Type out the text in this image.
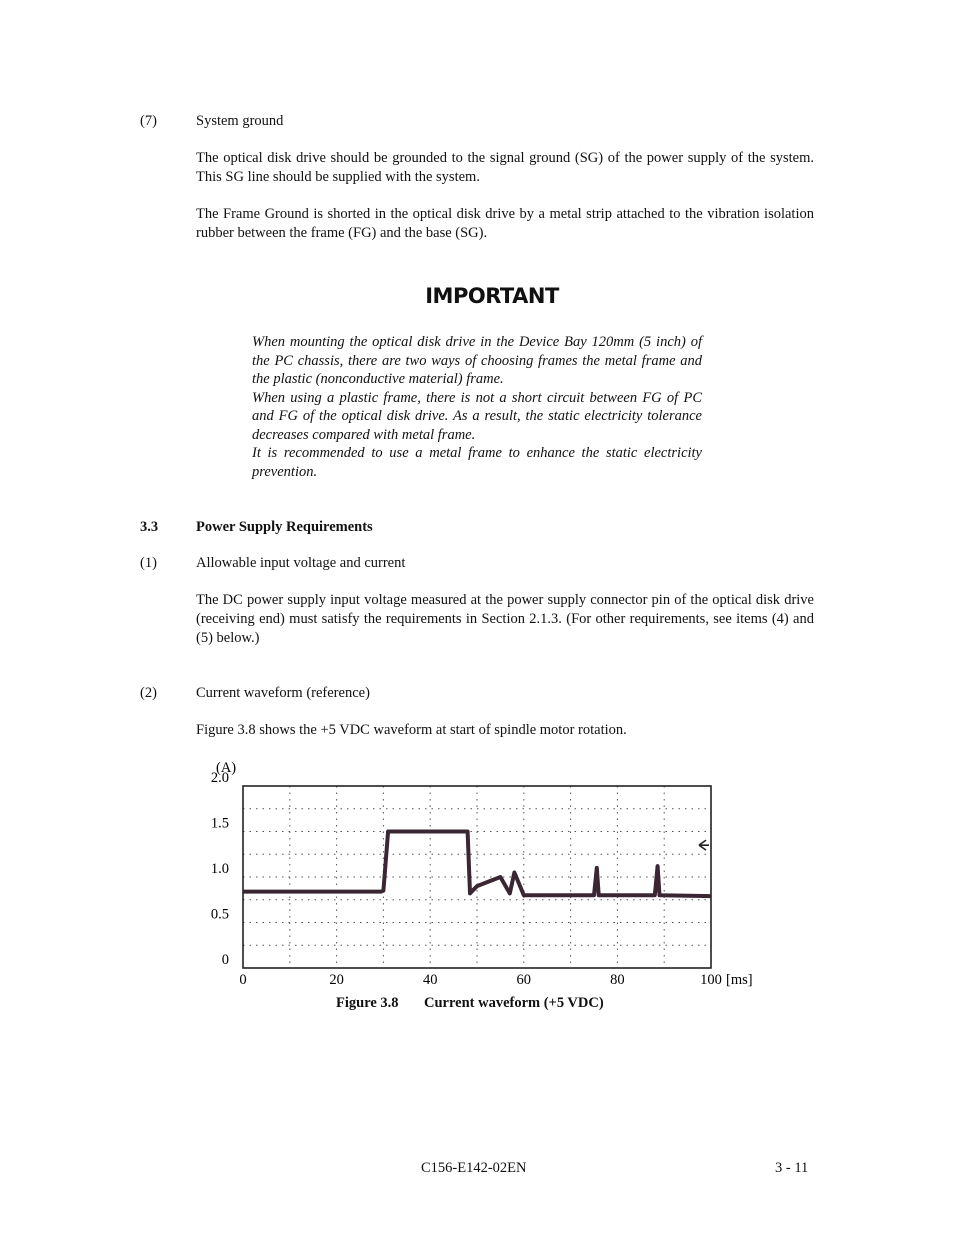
(7)	System ground

The optical disk drive should be grounded to the signal ground (SG) of the power supply of the system. This SG line should be supplied with the system.

The Frame Ground is shorted in the optical disk drive by a metal strip attached to the vibration isolation rubber between the frame (FG) and the base (SG).

IMPORTANT

When mounting the optical disk drive in the Device Bay 120mm (5 inch) of the PC chassis, there are two ways of choosing frames the metal frame and the plastic (nonconductive material) frame.

When using a plastic frame, there is not a short circuit between FG of PC and FG of the optical disk drive. As a result, the static electricity tolerance decreases compared with metal frame.

It is recommended to use a metal frame to enhance the static electricity prevention.

3.3	Power Supply Requirements
(1)	Allowable input voltage and current

The DC power supply input voltage measured at the power supply connector pin of the optical disk drive (receiving end) must satisfy the requirements in Section 2.1.3. (For other requirements, see items (4) and (5) below.)

(2)	Current waveform (reference)

Figure 3.8 shows the +5 VDC waveform at start of spindle motor rotation.

(A)
[ms]
0	20	40	60	80	100
0
0.5
1.0
1.5
2.0
Figure 3.8 Current waveform (+5 VDC)
C156-E142-02EN	3 - 11
